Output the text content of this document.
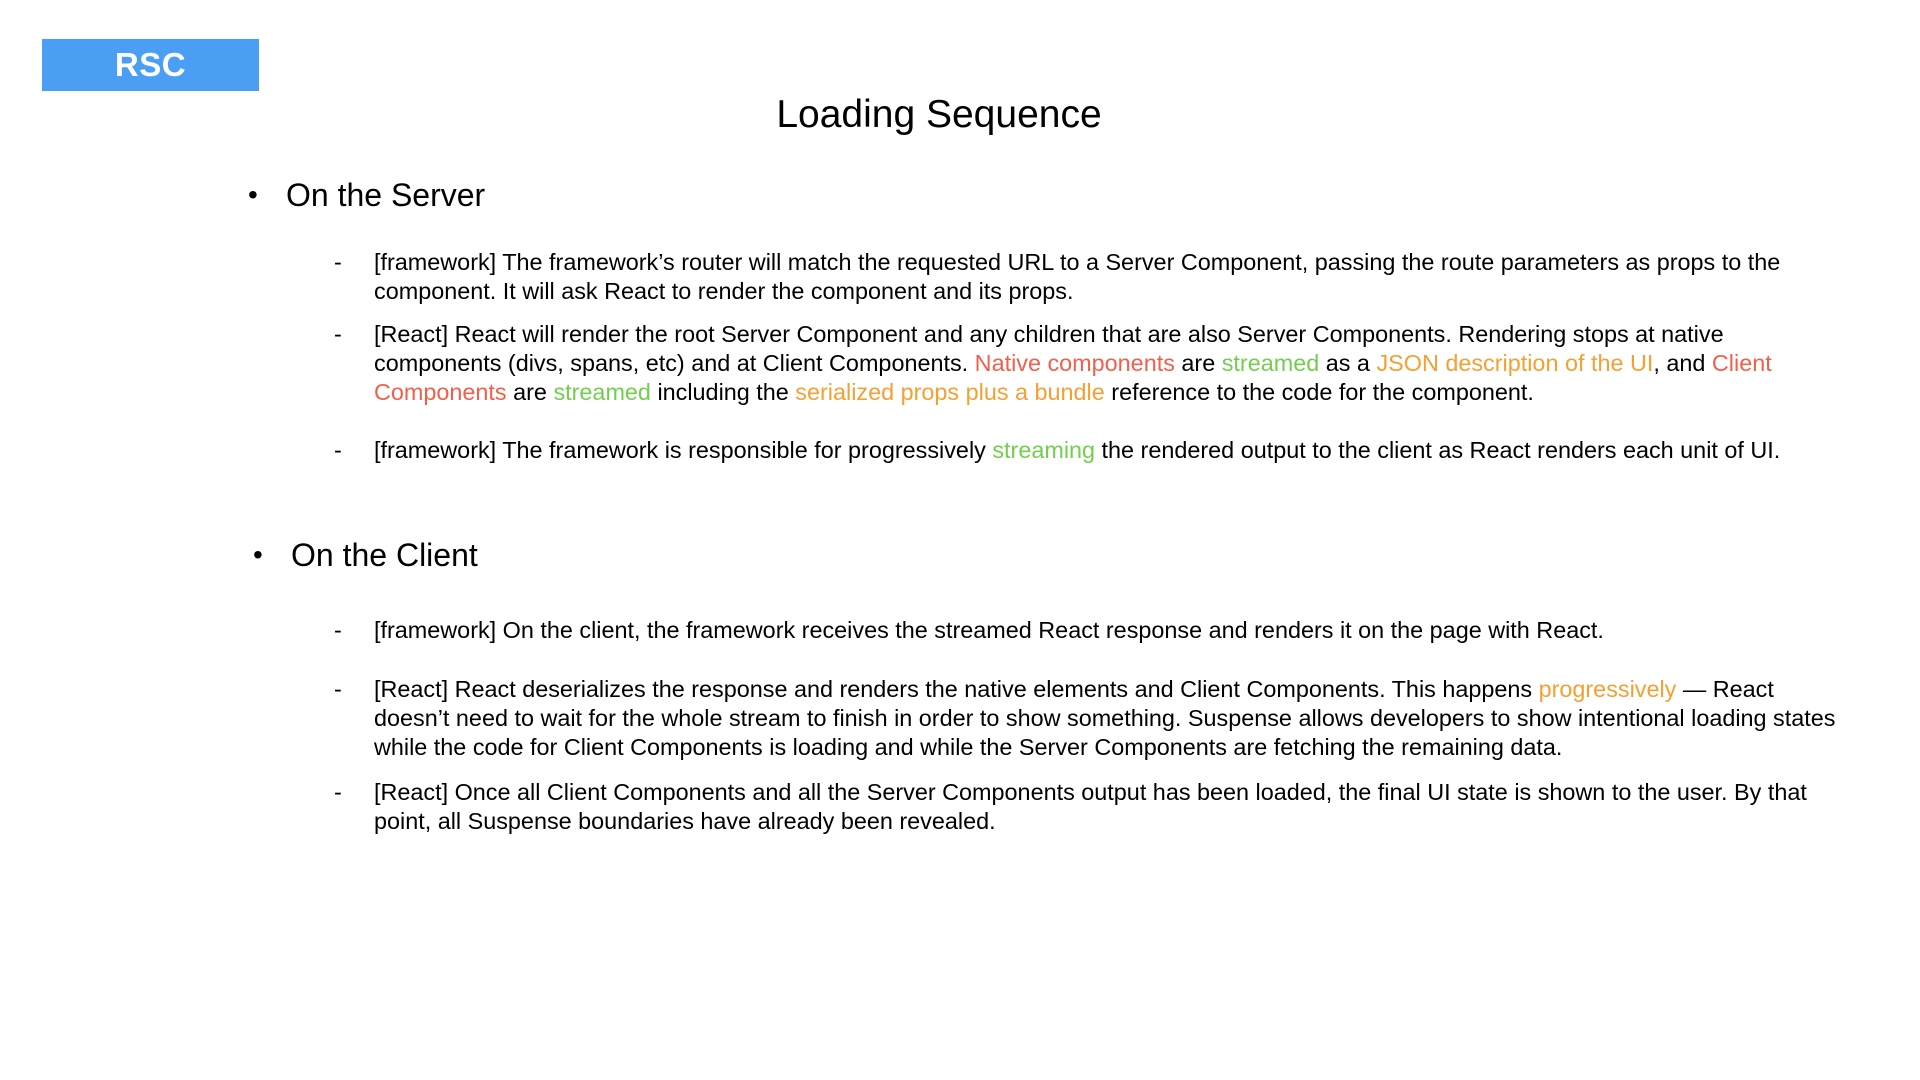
RSC
Loading Sequence
• On the Server
- [framework] The framework’s router will match the requested URL to a Server Component, passing the route parameters as props to the component. It will ask React to render the component and its props.
- [React] React will render the root Server Component and any children that are also Server Components. Rendering stops at native components (divs, spans, etc) and at Client Components. Native components are streamed as a JSON description of the UI, and Client Components are streamed including the serialized props plus a bundle reference to the code for the component.
- [framework] The framework is responsible for progressively streaming the rendered output to the client as React renders each unit of UI.
• On the Client
- [framework] On the client, the framework receives the streamed React response and renders it on the page with React.
- [React] React deserializes the response and renders the native elements and Client Components. This happens progressively — React doesn’t need to wait for the whole stream to finish in order to show something. Suspense allows developers to show intentional loading states while the code for Client Components is loading and while the Server Components are fetching the remaining data.
- [React] Once all Client Components and all the Server Components output has been loaded, the final UI state is shown to the user. By that point, all Suspense boundaries have already been revealed.
